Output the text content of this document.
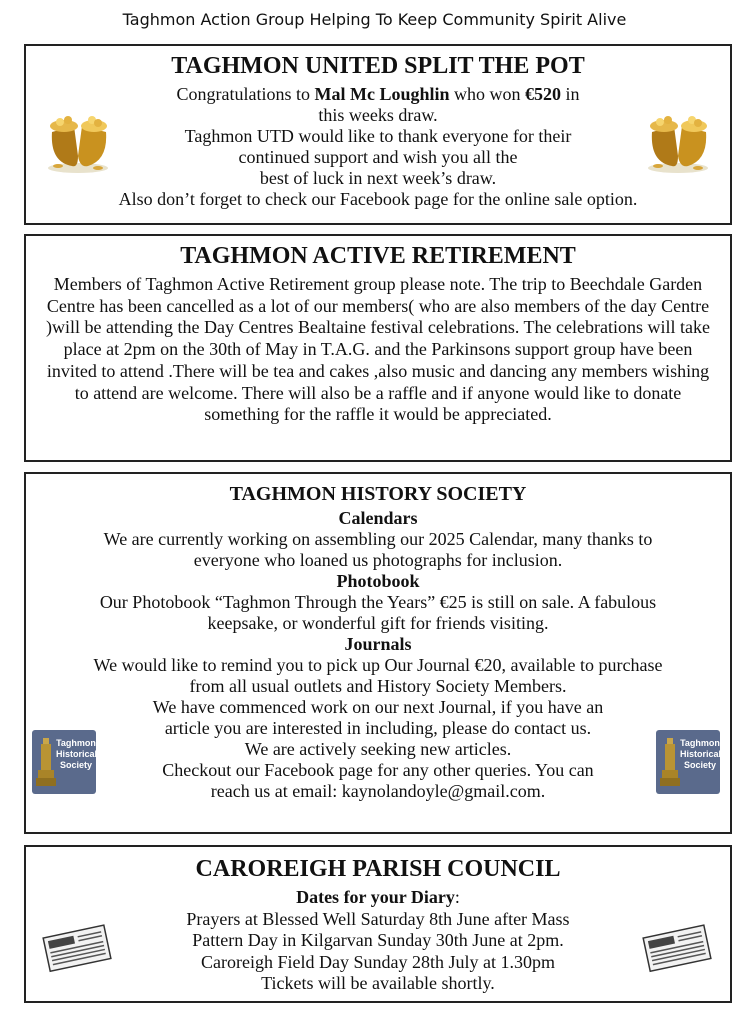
Taghmon Action Group Helping To Keep Community Spirit Alive
TAGHMON UNITED SPLIT THE POT
Congratulations to Mal Mc Loughlin who won €520 in
this weeks draw.
Taghmon UTD would like to thank everyone for their
continued support and wish you all the
best of luck in next week’s draw.
Also don’t forget to check our Facebook page for the online sale option.
TAGHMON ACTIVE RETIREMENT
Members of Taghmon Active Retirement group please note. The trip to Beechdale Garden Centre has been cancelled as a lot of our members( who are also members of the day Centre )will be attending the Day Centres Bealtaine festival celebrations. The celebrations will take place at 2pm on the 30th of May in T.A.G. and the Parkinsons support group have been invited to attend .There will be tea and cakes ,also music and dancing any members wishing to attend are welcome. There will also be a raffle and if anyone would like to donate something for the raffle it would be appreciated.
TAGHMON HISTORY SOCIETY
Calendars
We are currently working on assembling our 2025 Calendar, many thanks to
everyone who loaned us photographs for inclusion.
Photobook
Our Photobook “Taghmon Through the Years” €25 is still on sale. A fabulous
keepsake, or wonderful gift for friends visiting.
Journals
We would like to remind you to pick up Our Journal €20, available to purchase
from all usual outlets and History Society Members.
We have commenced work on our next Journal, if you have an
article you are interested in including, please do contact us.
We are actively seeking new articles.
Checkout our Facebook page for any other queries. You can
reach us at email: kaynolandoyle@gmail.com.
Taghmon
Historical
Society
Taghmon
Historical
Society
CAROREIGH PARISH COUNCIL
Dates for your Diary:
Prayers at Blessed Well Saturday 8th June after Mass
Pattern Day in Kilgarvan Sunday 30th June at 2pm.
Caroreigh Field Day Sunday 28th July at 1.30pm
Tickets will be available shortly.
